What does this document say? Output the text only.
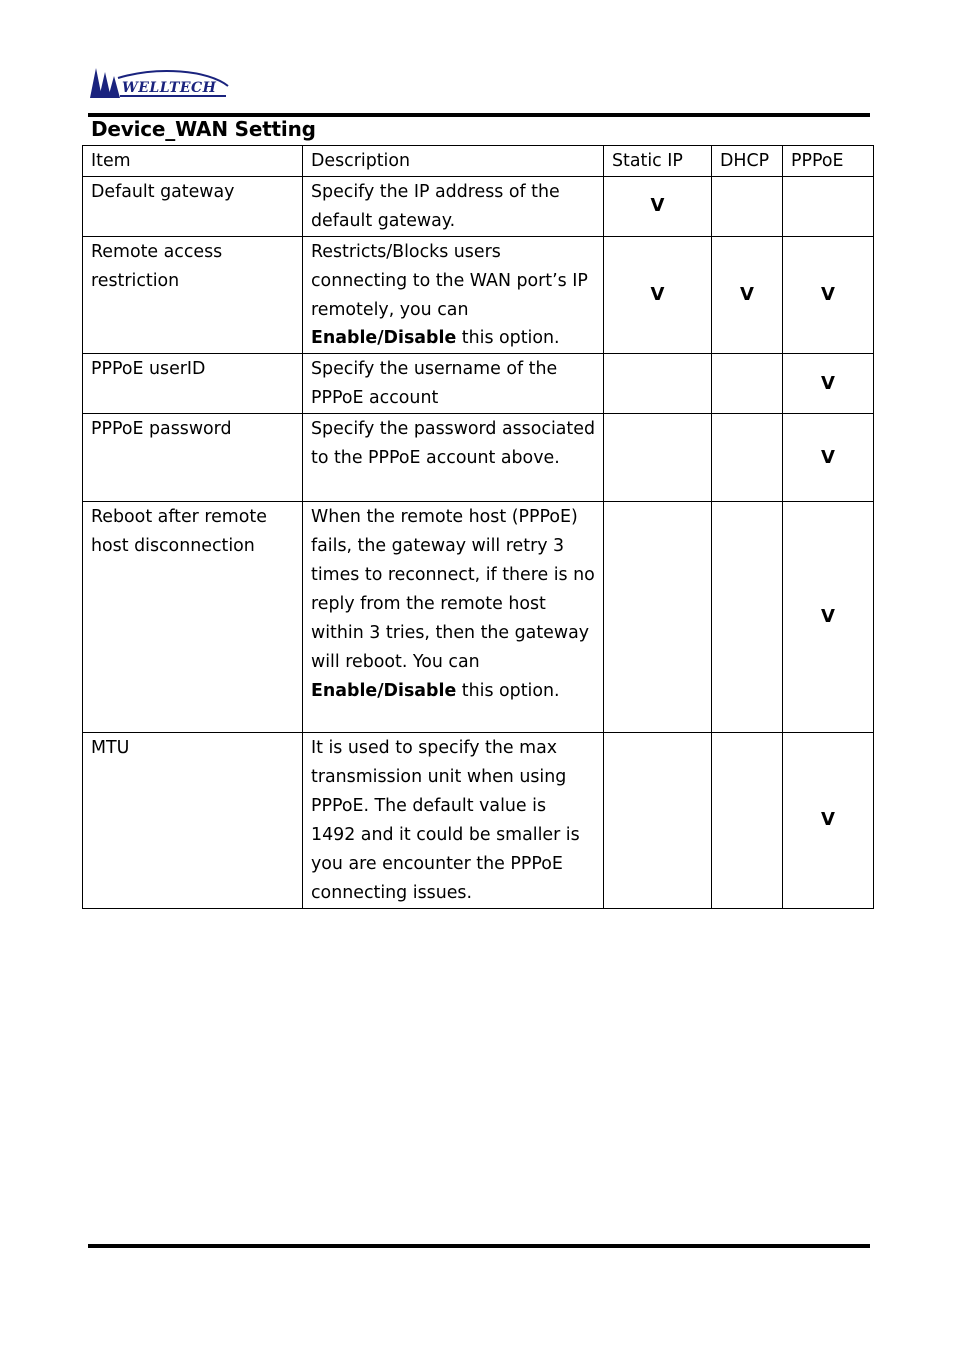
WELLTECH
Device_WAN Setting
Item	Description	Static IP	DHCP	PPPoE
Default gateway	Specify the IP address of the default gateway.	V		
Remote access restriction	Restricts/Blocks users connecting to the WAN port’s IP remotely, you can Enable/Disable this option.	V	V	V
PPPoE userID	Specify the username of the PPPoE account			V
PPPoE password	Specify the password associated to the PPPoE account above.			V
Reboot after remote host disconnection	When the remote host (PPPoE) fails, the gateway will retry 3 times to reconnect, if there is no reply from the remote host within 3 tries, then the gateway will reboot. You can Enable/Disable this option.			V
MTU	It is used to specify the max transmission unit when using PPPoE. The default value is 1492 and it could be smaller is you are encounter the PPPoE connecting issues.			V
